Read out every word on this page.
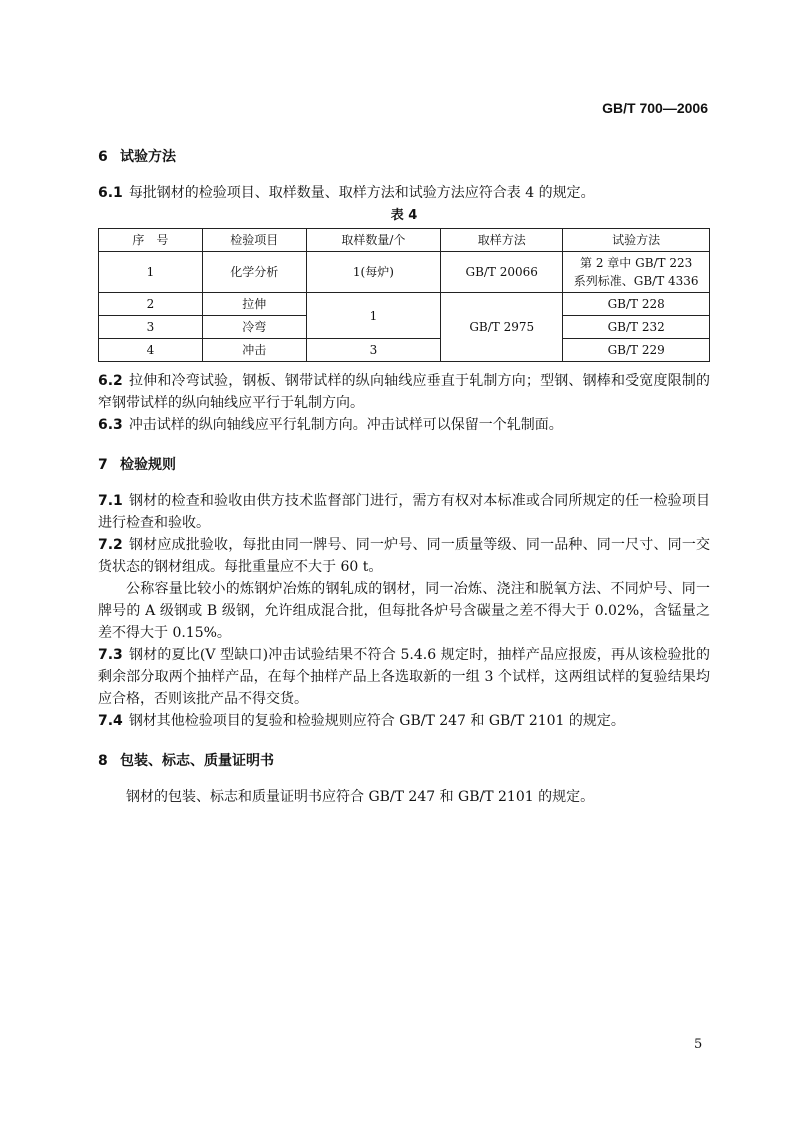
GB/T 700—2006
6 试验方法

6.1 每批钢材的检验项目、取样数量、取样方法和试验方法应符合表 4 的规定。

表 4
序　号	检验项目	取样数量/个	取样方法	试验方法
1	化学分析	1(每炉)	GB/T 20066	第 2 章中 GB/T 223
系列标准、GB/T 4336

2	拉伸	1	GB/T 2975	GB/T 228
3	冷弯			GB/T 232
4	冲击	3		GB/T 229

6.2 拉伸和冷弯试验，钢板、钢带试样的纵向轴线应垂直于轧制方向；型钢、钢棒和受宽度限制的窄钢带试样的纵向轴线应平行于轧制方向。

6.3 冲击试样的纵向轴线应平行轧制方向。冲击试样可以保留一个轧制面。

7 检验规则

7.1 钢材的检查和验收由供方技术监督部门进行，需方有权对本标准或合同所规定的任一检验项目进行检查和验收。

7.2 钢材应成批验收，每批由同一牌号、同一炉号、同一质量等级、同一品种、同一尺寸、同一交货状态的钢材组成。每批重量应不大于 60 t。

公称容量比较小的炼钢炉冶炼的钢轧成的钢材，同一冶炼、浇注和脱氧方法、不同炉号、同一牌号的 A 级钢或 B 级钢，允许组成混合批，但每批各炉号含碳量之差不得大于 0.02%，含锰量之差不得大于 0.15%。

7.3 钢材的夏比(V 型缺口)冲击试验结果不符合 5.4.6 规定时，抽样产品应报废，再从该检验批的剩余部分取两个抽样产品，在每个抽样产品上各选取新的一组 3 个试样，这两组试样的复验结果均应合格，否则该批产品不得交货。

7.4 钢材其他检验项目的复验和检验规则应符合 GB/T 247 和 GB/T 2101 的规定。

8 包装、标志、质量证明书

钢材的包装、标志和质量证明书应符合 GB/T 247 和 GB/T 2101 的规定。

5
